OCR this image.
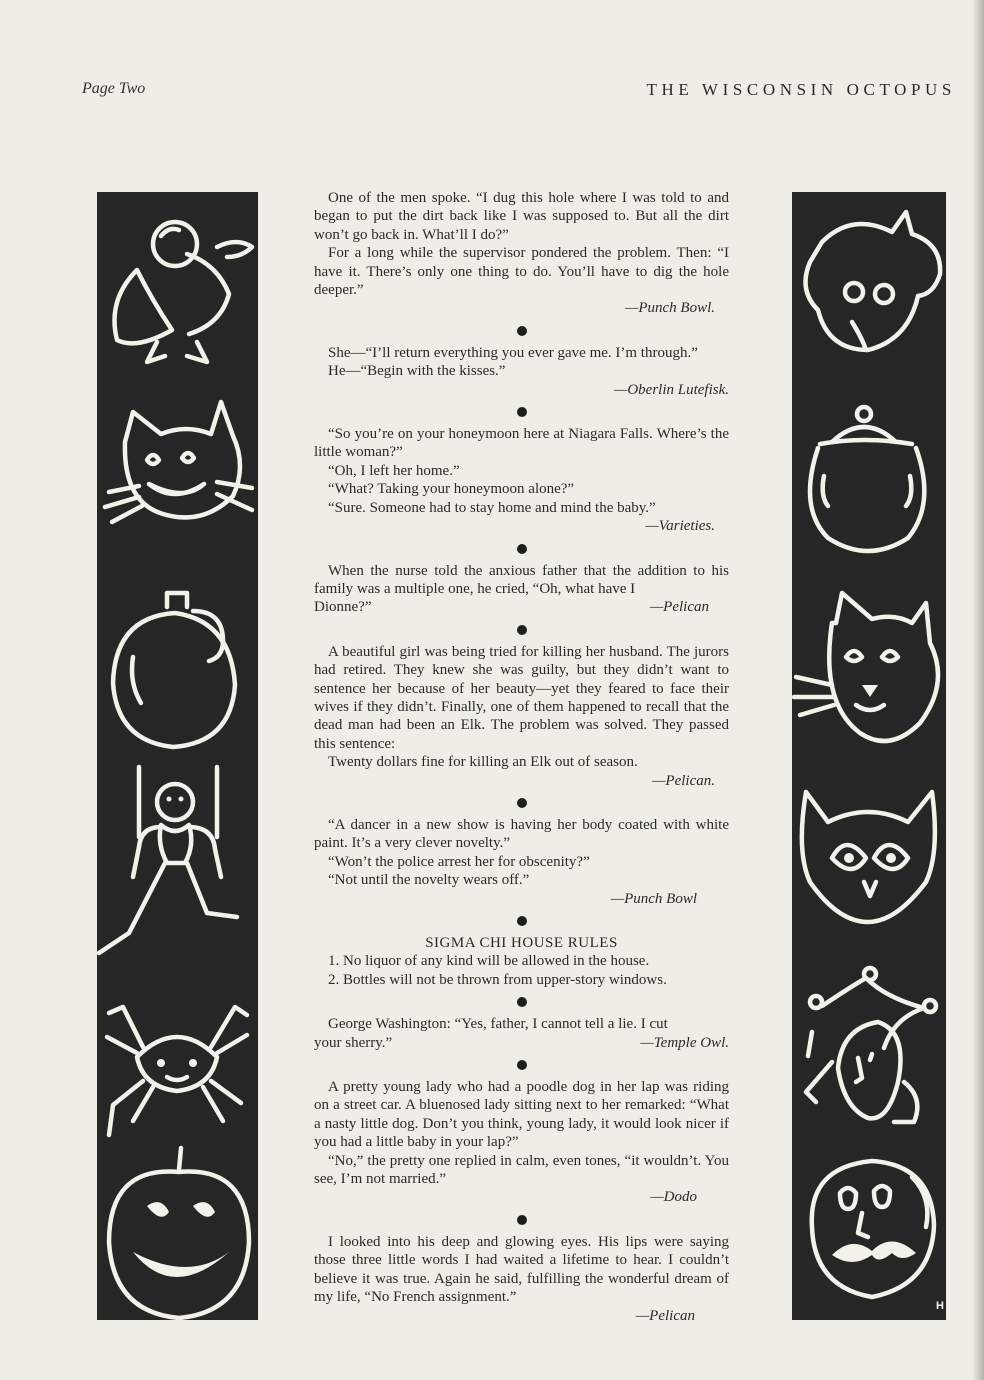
Page Two	THE WISCONSIN OCTOPUS
H

One of the men spoke. “I dug this hole where I was told to and began to put the dirt back like I was supposed to. But all the dirt won’t go back in. What’ll I do?”

For a long while the supervisor pondered the problem. Then: “I have it. There’s only one thing to do. You’ll have to dig the hole deeper.”

—Punch Bowl.

She—“I’ll return everything you ever gave me. I’m through.”

He—“Begin with the kisses.”

—Oberlin Lutefisk.

“So you’re on your honeymoon here at Niagara Falls. Where’s the little woman?”

“Oh, I left her home.”

“What? Taking your honeymoon alone?”

“Sure. Someone had to stay home and mind the baby.”

—Varieties.

When the nurse told the anxious father that the addition to his family was a multiple one, he cried, “Oh, what have I

Dionne?”	—Pelican

A beautiful girl was being tried for killing her husband. The jurors had retired. They knew she was guilty, but they didn’t want to sentence her because of her beauty—yet they feared to face their wives if they didn’t. Finally, one of them happened to recall that the dead man had been an Elk. The problem was solved. They passed this sentence:

Twenty dollars fine for killing an Elk out of season.

—Pelican.

“A dancer in a new show is having her body coated with white paint. It’s a very clever novelty.”

“Won’t the police arrest her for obscenity?”

“Not until the novelty wears off.”

—Punch Bowl

SIGMA CHI HOUSE RULES

1. No liquor of any kind will be allowed in the house.

2. Bottles will not be thrown from upper-story windows.

George Washington: “Yes, father, I cannot tell a lie. I cut

your sherry.”	—Temple Owl.

A pretty young lady who had a poodle dog in her lap was riding on a street car. A bluenosed lady sitting next to her remarked: “What a nasty little dog. Don’t you think, young lady, it would look nicer if you had a little baby in your lap?”

“No,” the pretty one replied in calm, even tones, “it wouldn’t. You see, I’m not married.”

—Dodo

I looked into his deep and glowing eyes. His lips were saying those three little words I had waited a lifetime to hear. I couldn’t believe it was true. Again he said, fulfilling the wonderful dream of my life, “No French assignment.”

—Pelican
